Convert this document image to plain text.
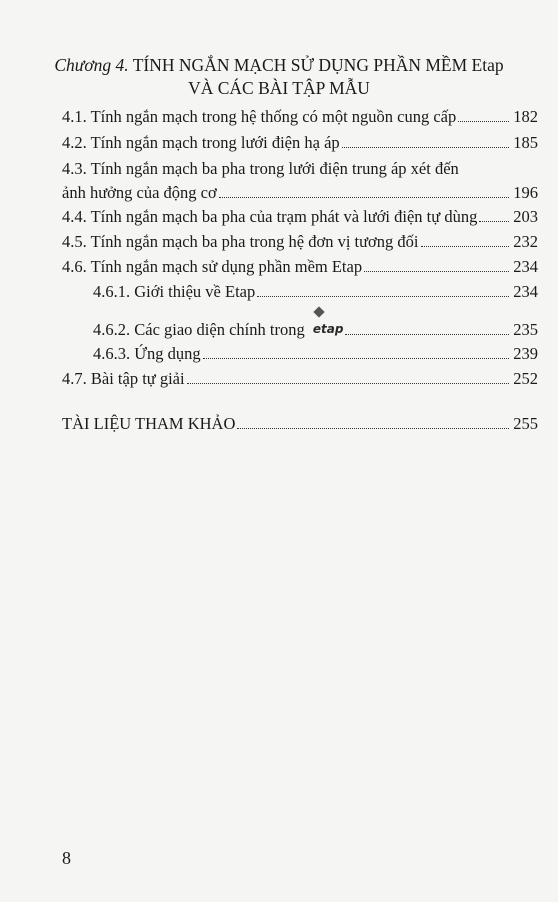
Chương 4. TÍNH NGẮN MẠCH SỬ DỤNG PHẦN MỀM Etap
VÀ CÁC BÀI TẬP MẪU
4.1. Tính ngắn mạch trong hệ thống có một nguồn cung cấp	182
4.2. Tính ngắn mạch trong lưới điện hạ áp	185
4.3. Tính ngắn mạch ba pha trong lưới điện trung áp xét đến
ảnh hưởng của động cơ	196
4.4. Tính ngắn mạch ba pha của trạm phát và lưới điện tự dùng 203
4.5. Tính ngắn mạch ba pha trong hệ đơn vị tương đối	232
4.6. Tính ngắn mạch sử dụng phần mềm Etap	234
4.6.1. Giới thiệu về Etap	234
4.6.2. Các giao diện chính trong etap	235
4.6.3. Ứng dụng	239
4.7. Bài tập tự giải	252
TÀI LIỆU THAM KHẢO	255
8
